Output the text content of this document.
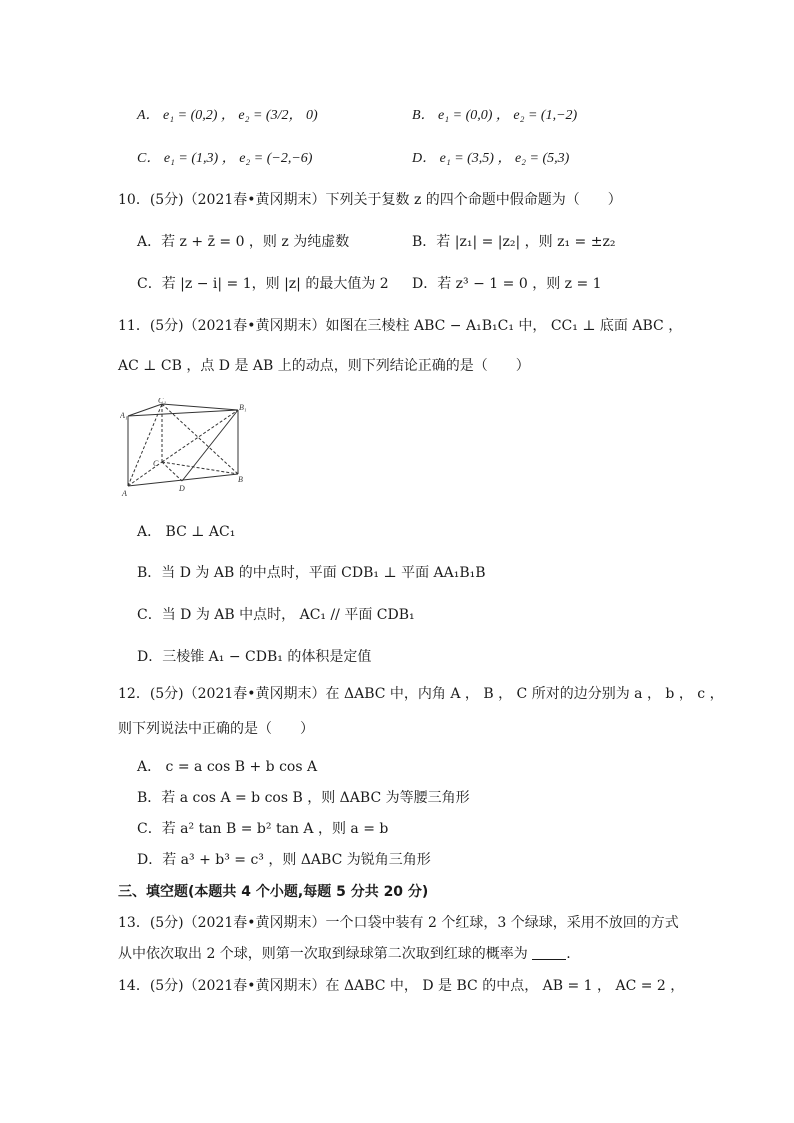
A． e₁ = (0,2) ， e₂ = (3/2， 0)	B． e₁ = (0,0) ， e₂ = (1,−2)
C． e₁ = (1,3) ， e₂ = (−2,−6)	D． e₁ = (3,5) ， e₂ = (5,3)
10．(5分)（2021春•黄冈期末）下列关于复数 z 的四个命题中假命题为（　　）
A．若 z + z̄ = 0 ，则 z 为纯虚数	B．若 |z₁| = |z₂| ，则 z₁ = ±z₂
C．若 |z − i| = 1，则 |z| 的最大值为 2 D．若 z³ − 1 = 0 ，则 z = 1
11．(5分)（2021春•黄冈期末）如图在三棱柱 ABC − A₁B₁C₁ 中， CC₁ ⊥ 底面 ABC ，
AC ⊥ CB ，点 D 是 AB 上的动点，则下列结论正确的是（　　）
A₁
C₁
B₁
A
C
D
B
A． BC ⊥ AC₁
B．当 D 为 AB 的中点时，平面 CDB₁ ⊥ 平面 AA₁B₁B
C．当 D 为 AB 中点时， AC₁ // 平面 CDB₁
D．三棱锥 A₁ − CDB₁ 的体积是定值
12．(5分)（2021春•黄冈期末）在 ΔABC 中，内角 A ， B ， C 所对的边分别为 a ， b ， c ，
则下列说法中正确的是（　　）
A． c = a cos B + b cos A
B．若 a cos A = b cos B ，则 ΔABC 为等腰三角形
C．若 a² tan B = b² tan A ，则 a = b
D．若 a³ + b³ = c³ ，则 ΔABC 为锐角三角形
三、填空题(本题共 4 个小题,每题 5 分共 20 分)
13．(5分)（2021春•黄冈期末）一个口袋中装有 2 个红球，3 个绿球，采用不放回的方式
从中依次取出 2 个球，则第一次取到绿球第二次取到红球的概率为	.
14．(5分)（2021春•黄冈期末）在 ΔABC 中， D 是 BC 的中点， AB = 1 ， AC = 2 ，
